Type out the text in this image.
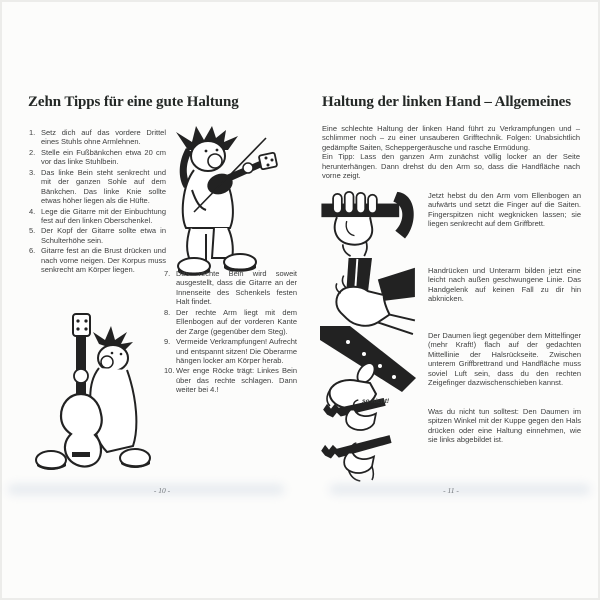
Zehn Tipps für eine gute Haltung
1. Setz dich auf das vordere Drittel eines Stuhls ohne Armlehnen.
2. Stelle ein Fußbänkchen etwa 20 cm vor das linke Stuhlbein.
3. Das linke Bein steht senkrecht und mit der ganzen Sohle auf dem Bänkchen. Das linke Knie sollte etwas höher liegen als die Hüfte.
4. Lege die Gitarre mit der Einbuchtung fest auf den linken Oberschenkel.
5. Der Kopf der Gitarre sollte etwa in Schulterhöhe sein.
6. Gitarre fest an die Brust drücken und nach vorne neigen. Der Korpus muss senkrecht am Körper liegen.	7. Das rechte Bein wird soweit ausgestellt, dass die Gitarre an der Innenseite des Schenkels festen Halt findet.
8. Der rechte Arm liegt mit dem Ellenbogen auf der vorderen Kante der Zarge (gegenüber dem Steg).
9. Vermeide Verkrampfungen! Aufrecht und entspannt sitzen! Die Oberarme hängen locker am Körper herab.
10. Wer enge Röcke trägt: Linkes Bein über das rechte schlagen. Dann weiter bei 4.!
Haltung der linken Hand – Allgemeines
Eine schlechte Haltung der linken Hand führt zu Verkrampfungen und – schlimmer noch – zu einer unsauberen Grifftechnik. Folgen: Unabsichtlich gedämpfte Saiten, Scheppergeräusche und rasche Ermüdung.
Ein Tipp: Lass den ganzen Arm zunächst völlig locker an der Seite herunterhängen. Dann drehst du den Arm so, dass die Handfläche nach vorne zeigt.
Jetzt hebst du den Arm vom Ellenbogen an aufwärts und setzt die Finger auf die Saiten. Fingerspitzen nicht wegknicken lassen; sie liegen senkrecht auf dem Griffbrett.
Handrücken und Unterarm bilden jetzt eine leicht nach außen geschwungene Linie. Das Handgelenk auf keinen Fall zu dir hin abknicken.
Der Daumen liegt gegenüber dem Mittelfinger (mehr Kraft!) flach auf der gedachten Mittellinie der Halsrückseite. Zwischen unterem Griffbrettrand und Handfläche muss soviel Luft sein, dass du den rechten Zeigefinger dazwischenschieben kannst.
so nicht!
Was du nicht tun solltest: Den Daumen im spitzen Winkel mit der Kuppe gegen den Hals drücken oder eine Haltung einnehmen, wie sie links abgebildet ist.
